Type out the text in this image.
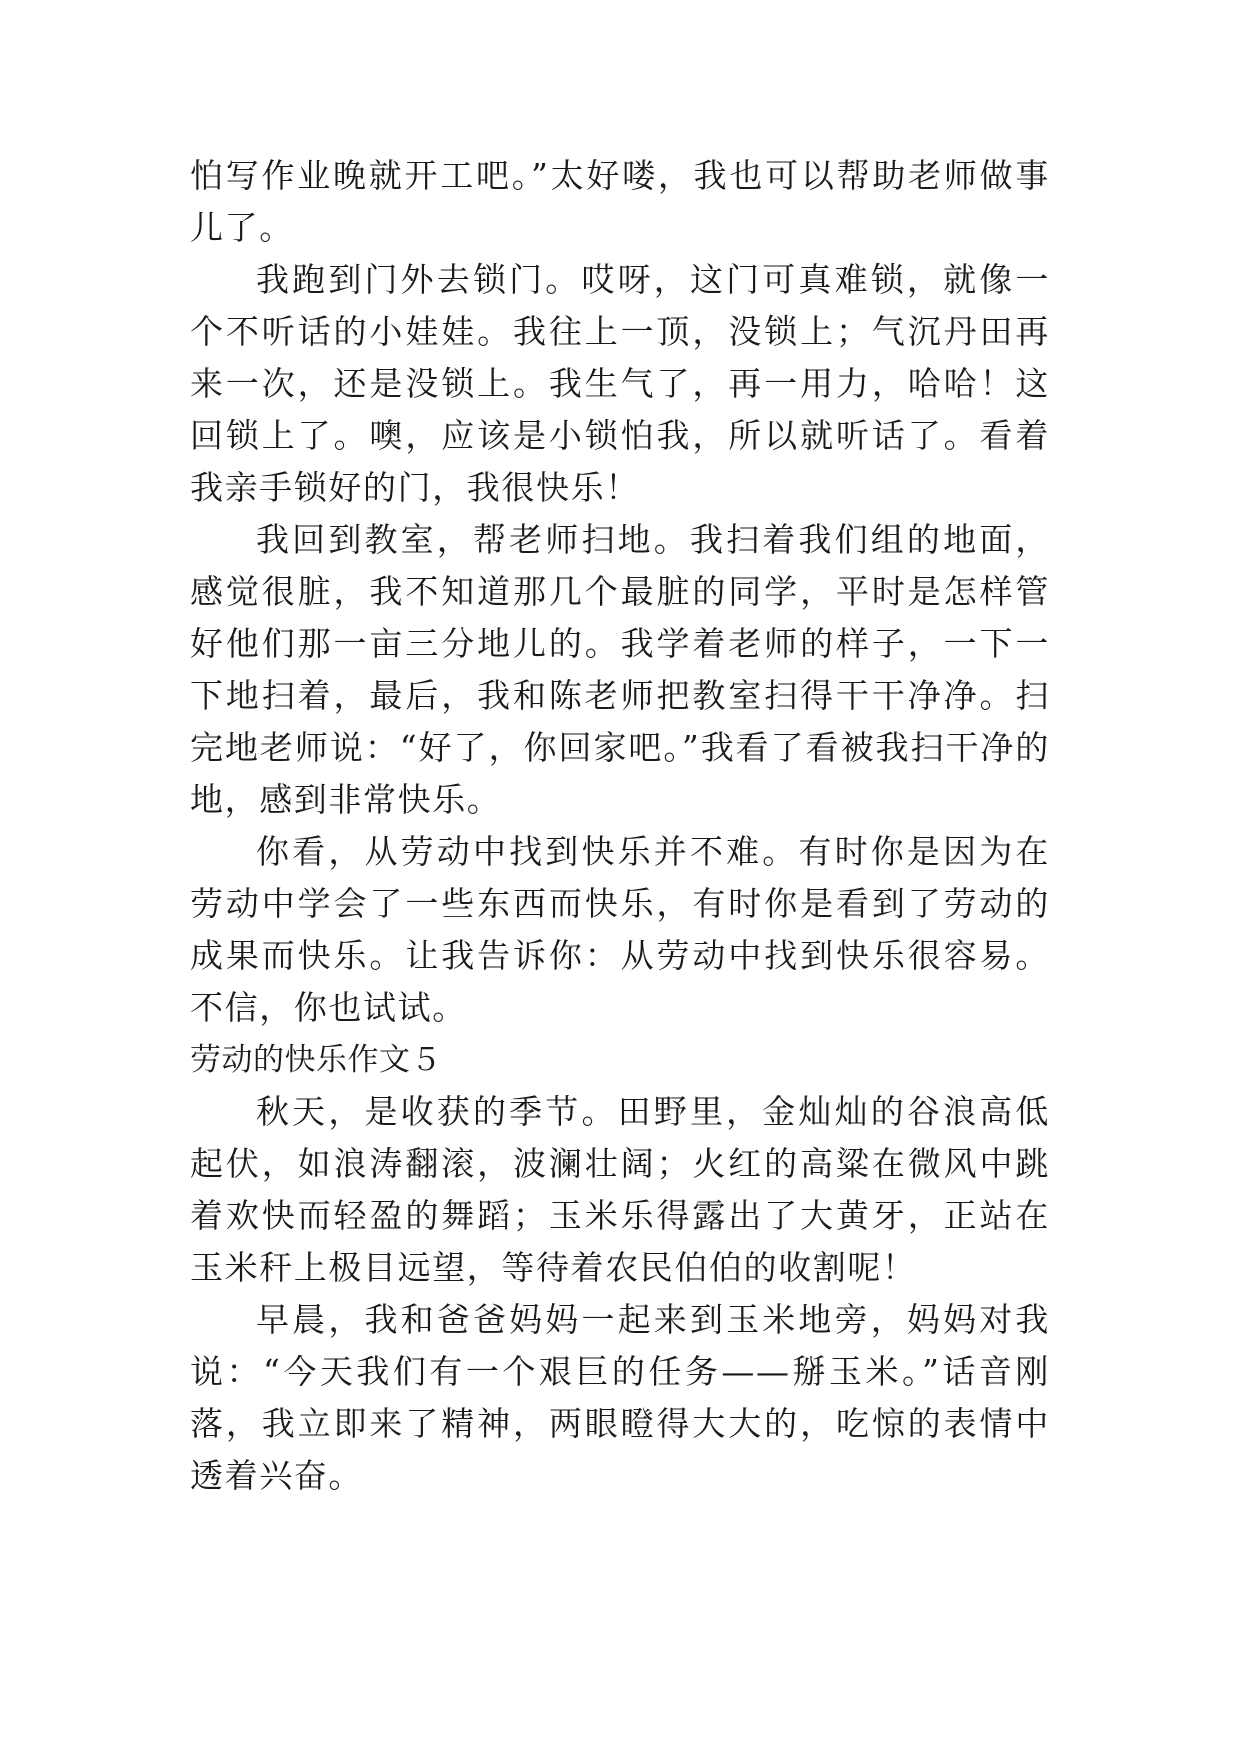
怕写作业晚就开工吧。”太好喽，我也可以帮助老师做事儿了。

我跑到门外去锁门。哎呀，这门可真难锁，就像一个不听话的小娃娃。我往上一顶，没锁上；气沉丹田再来一次，还是没锁上。我生气了，再一用力，哈哈！这回锁上了。噢，应该是小锁怕我，所以就听话了。看着我亲手锁好的门，我很快乐！

我回到教室，帮老师扫地。我扫着我们组的地面，感觉很脏，我不知道那几个最脏的同学，平时是怎样管好他们那一亩三分地儿的。我学着老师的样子，一下一下地扫着，最后，我和陈老师把教室扫得干干净净。扫完地老师说：“好了，你回家吧。”我看了看被我扫干净的地，感到非常快乐。

你看，从劳动中找到快乐并不难。有时你是因为在劳动中学会了一些东西而快乐，有时你是看到了劳动的成果而快乐。让我告诉你：从劳动中找到快乐很容易。不信，你也试试。

劳动的快乐作文５

秋天，是收获的季节。田野里，金灿灿的谷浪高低起伏，如浪涛翻滚，波澜壮阔；火红的高粱在微风中跳着欢快而轻盈的舞蹈；玉米乐得露出了大黄牙，正站在玉米秆上极目远望，等待着农民伯伯的收割呢！

早晨，我和爸爸妈妈一起来到玉米地旁，妈妈对我说：“今天我们有一个艰巨的任务——掰玉米。”话音刚落，我立即来了精神，两眼瞪得大大的，吃惊的表情中透着兴奋。
